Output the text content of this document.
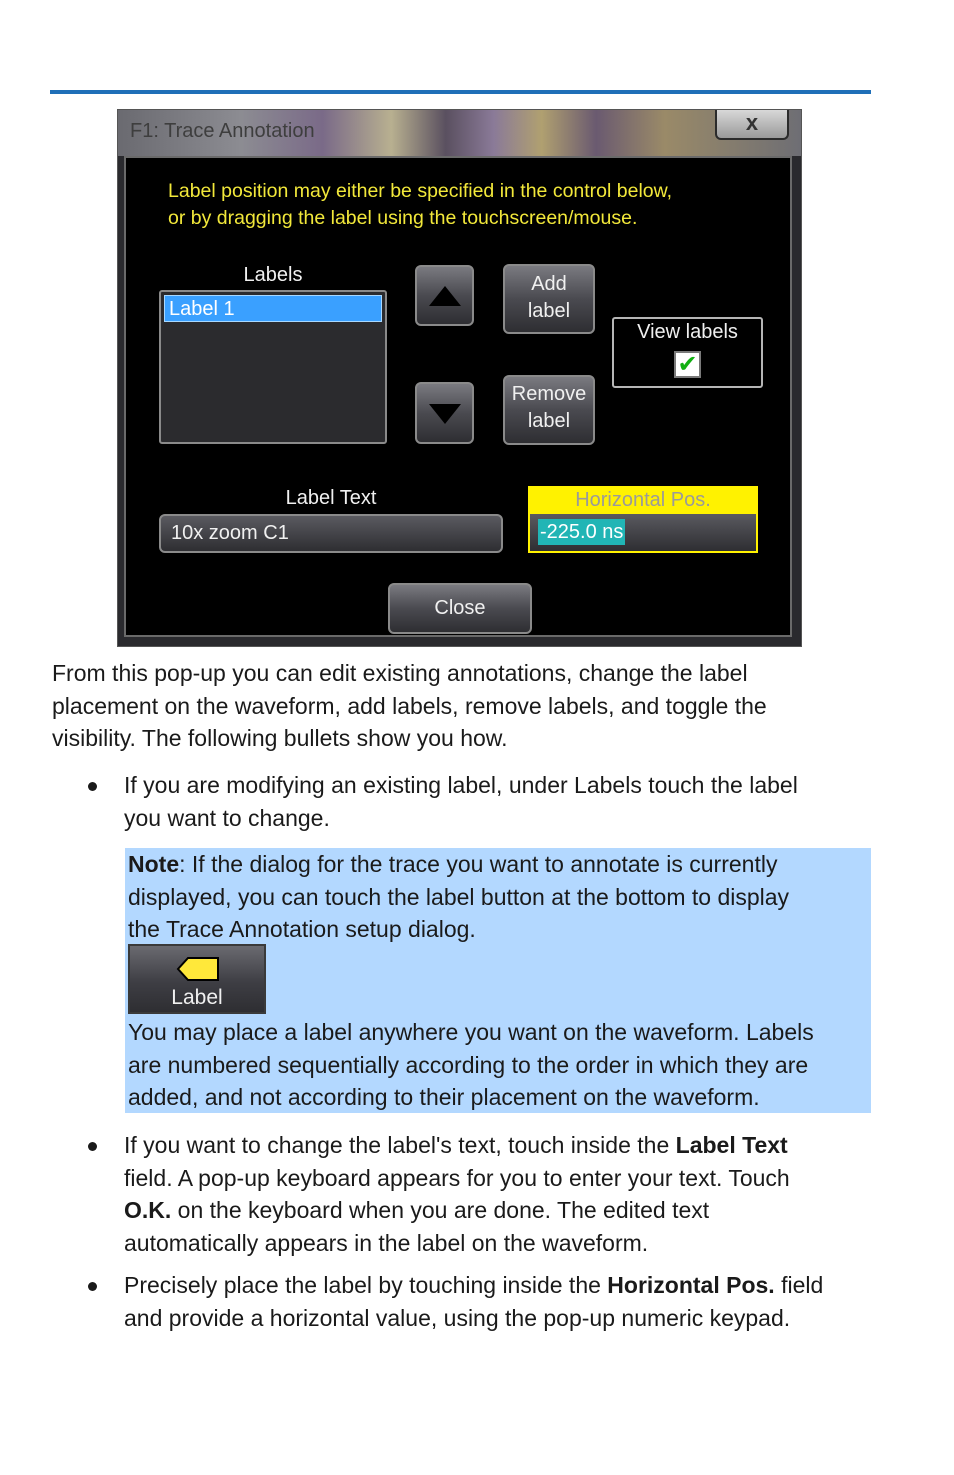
F1: Trace Annotation	x
Label position may either be specified in the control below,
or by dragging the label using the touchscreen/mouse.
Labels
Label 1
Add
label
Remove
label
View labels
✔
Label Text
10x zoom C1
Horizontal Pos.
-225.0 ns
Close
From this pop-up you can edit existing annotations, change the label
placement on the waveform, add labels, remove labels, and toggle the
visibility. The following bullets show you how.
If you are modifying an existing label, under Labels touch the label
you want to change.
Note: If the dialog for the trace you want to annotate is currently
displayed, you can touch the label button at the bottom to display
the Trace Annotation setup dialog.
Label
You may place a label anywhere you want on the waveform. Labels
are numbered sequentially according to the order in which they are
added, and not according to their placement on the waveform.
If you want to change the label's text, touch inside the Label Text
field. A pop-up keyboard appears for you to enter your text. Touch
O.K. on the keyboard when you are done. The edited text
automatically appears in the label on the waveform.
Precisely place the label by touching inside the Horizontal Pos. field
and provide a horizontal value, using the pop-up numeric keypad.
